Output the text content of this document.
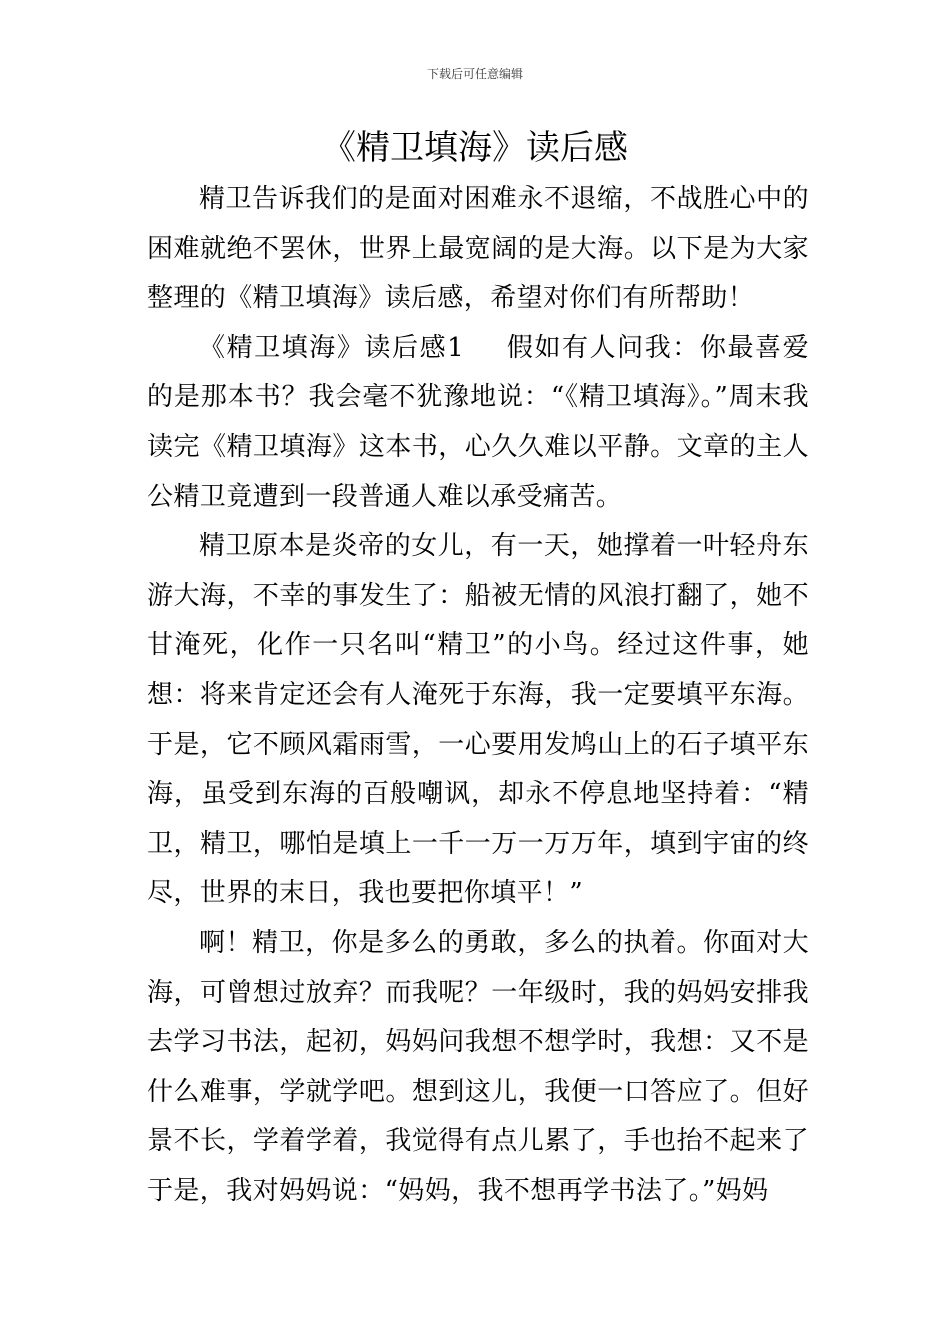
下载后可任意编辑
《精卫填海》读后感

精卫告诉我们的是面对困难永不退缩，不战胜心中的困难就绝不罢休，世界上最宽阔的是大海。以下是为大家整理的《精卫填海》读后感，希望对你们有所帮助！

《精卫填海》读后感1 假如有人问我：你最喜爱的是那本书？我会毫不犹豫地说：“《精卫填海》。”周末我读完《精卫填海》这本书，心久久难以平静。文章的主人公精卫竟遭到一段普通人难以承受痛苦。

精卫原本是炎帝的女儿，有一天，她撑着一叶轻舟东游大海，不幸的事发生了：船被无情的风浪打翻了，她不甘淹死，化作一只名叫“精卫”的小鸟。经过这件事，她想：将来肯定还会有人淹死于东海，我一定要填平东海。于是，它不顾风霜雨雪，一心要用发鸠山上的石子填平东海，虽受到东海的百般嘲讽，却永不停息地坚持着：“精卫，精卫，哪怕是填上一千一万一万万年，填到宇宙的终尽，世界的末日，我也要把你填平！”

啊！精卫，你是多么的勇敢，多么的执着。你面对大海，可曾想过放弃？而我呢？一年级时，我的妈妈安排我去学习书法，起初，妈妈问我想不想学时，我想：又不是什么难事，学就学吧。想到这儿，我便一口答应了。但好景不长，学着学着，我觉得有点儿累了，手也抬不起来了于是，我对妈妈说：“妈妈，我不想再学书法了。”妈妈
